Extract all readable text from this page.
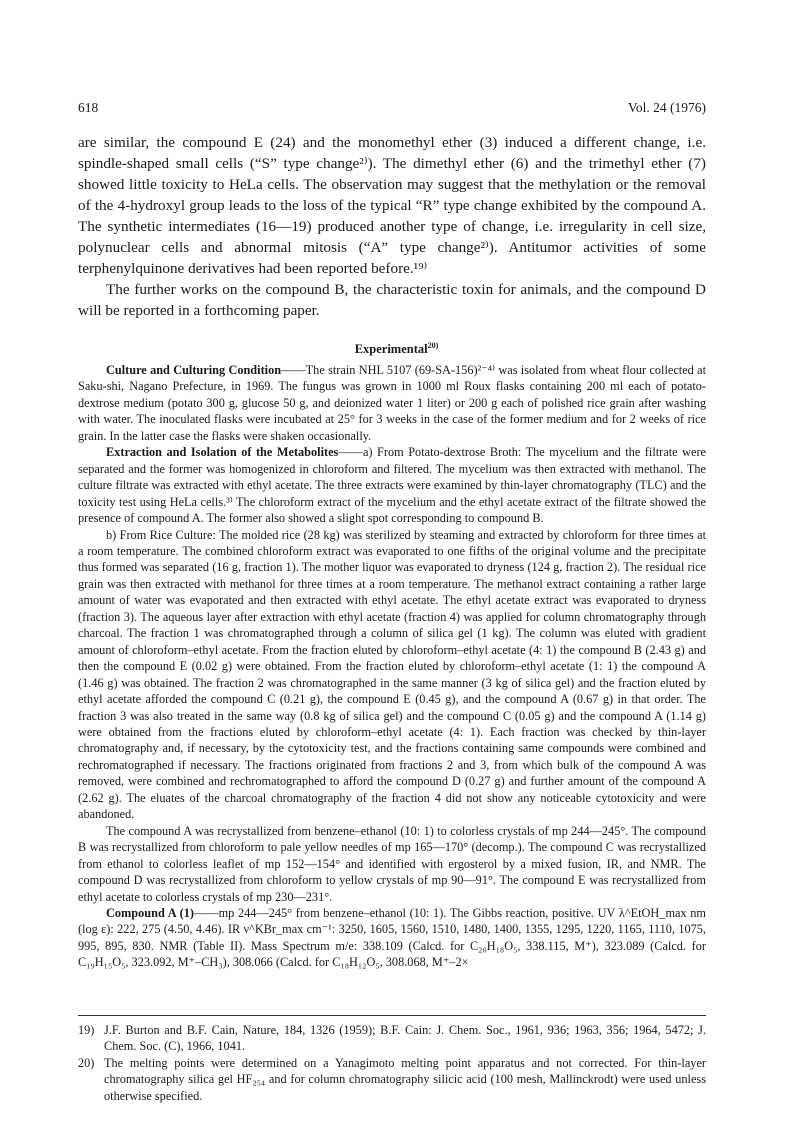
618	Vol. 24 (1976)

are similar, the compound E (24) and the monomethyl ether (3) induced a different change, i.e. spindle-shaped small cells (“S” type change²⁾). The dimethyl ether (6) and the trimethyl ether (7) showed little toxicity to HeLa cells. The observation may suggest that the methylation or the removal of the 4-hydroxyl group leads to the loss of the typical “R” type change exhibited by the compound A. The synthetic intermediates (16—19) produced another type of change, i.e. irregularity in cell size, polynuclear cells and abnormal mitosis (“A” type change²⁾). Antitumor activities of some terphenylquinone derivatives had been reported before.¹⁹⁾

The further works on the compound B, the characteristic toxin for animals, and the compound D will be reported in a forthcoming paper.

Experimental$^{20)}$

Culture and Culturing Condition——The strain NHL 5107 (69-SA-156)²⁻⁴⁾ was isolated from wheat flour collected at Saku-shi, Nagano Prefecture, in 1969. The fungus was grown in 1000 ml Roux flasks containing 200 ml each of potato-dextrose medium (potato 300 g, glucose 50 g, and deionized water 1 liter) or 200 g each of polished rice grain after washing with water. The inoculated flasks were incubated at 25° for 3 weeks in the case of the former medium and for 2 weeks of rice grain. In the latter case the flasks were shaken occasionally.

Extraction and Isolation of the Metabolites——a) From Potato-dextrose Broth: The mycelium and the filtrate were separated and the former was homogenized in chloroform and filtered. The mycelium was then extracted with methanol. The culture filtrate was extracted with ethyl acetate. The three extracts were examined by thin-layer chromatography (TLC) and the toxicity test using HeLa cells.³⁾ The chloroform extract of the mycelium and the ethyl acetate extract of the filtrate showed the presence of compound A. The former also showed a slight spot corresponding to compound B.

b) From Rice Culture: The molded rice (28 kg) was sterilized by steaming and extracted by chloroform for three times at a room temperature. The combined chloroform extract was evaporated to one fifths of the original volume and the precipitate thus formed was separated (16 g, fraction 1). The mother liquor was evaporated to dryness (124 g, fraction 2). The residual rice grain was then extracted with methanol for three times at a room temperature. The methanol extract containing a rather large amount of water was evaporated and then extracted with ethyl acetate. The ethyl acetate extract was evaporated to dryness (fraction 3). The aqueous layer after extraction with ethyl acetate (fraction 4) was applied for column chromatography through charcoal. The fraction 1 was chromatographed through a column of silica gel (1 kg). The column was eluted with gradient amount of chloroform–ethyl acetate. From the fraction eluted by chloroform–ethyl acetate (4: 1) the compound B (2.43 g) and then the compound E (0.02 g) were obtained. From the fraction eluted by chloroform–ethyl acetate (1: 1) the compound A (1.46 g) was obtained. The fraction 2 was chromatographed in the same manner (3 kg of silica gel) and the fraction eluted by ethyl acetate afforded the compound C (0.21 g), the compound E (0.45 g), and the compound A (0.67 g) in that order. The fraction 3 was also treated in the same way (0.8 kg of silica gel) and the compound C (0.05 g) and the compound A (1.14 g) were obtained from the fractions eluted by chloroform–ethyl acetate (4: 1). Each fraction was checked by thin-layer chromatography and, if necessary, by the cytotoxicity test, and the fractions containing same compounds were combined and rechromatographed if necessary. The fractions originated from fractions 2 and 3, from which bulk of the compound A was removed, were combined and rechromatographed to afford the compound D (0.27 g) and further amount of the compound A (2.62 g). The eluates of the charcoal chromatography of the fraction 4 did not show any noticeable cytotoxicity and were abandoned.

The compound A was recrystallized from benzene–ethanol (10: 1) to colorless crystals of mp 244—245°. The compound B was recrystallized from chloroform to pale yellow needles of mp 165—170° (decomp.). The compound C was recrystallized from ethanol to colorless leaflet of mp 152—154° and identified with ergosterol by a mixed fusion, IR, and NMR. The compound D was recrystallized from chloroform to yellow crystals of mp 90—91°. The compound E was recrystallized from ethyl acetate to colorless crystals of mp 230—231°.

Compound A (1)——mp 244—245° from benzene–ethanol (10: 1). The Gibbs reaction, positive. UV λ^EtOH_max nm (log ε): 222, 275 (4.50, 4.46). IR ν^KBr_max cm⁻¹: 3250, 1605, 1560, 1510, 1480, 1400, 1355, 1295, 1220, 1165, 1110, 1075, 995, 895, 830. NMR (Table II). Mass Spectrum m/e: 338.109 (Calcd. for C₂₀H₁₈O₅, 338.115, M⁺), 323.089 (Calcd. for C₁₉H₁₅O₅, 323.092, M⁺–CH₃), 308.066 (Calcd. for C₁₈H₁₂O₅, 308.068, M⁺–2×

19) J.F. Burton and B.F. Cain, Nature, 184, 1326 (1959); B.F. Cain: J. Chem. Soc., 1961, 936; 1963, 356; 1964, 5472; J. Chem. Soc. (C), 1966, 1041.
20) The melting points were determined on a Yanagimoto melting point apparatus and not corrected. For thin-layer chromatography silica gel HF₂₅₄ and for column chromatography silicic acid (100 mesh, Mallinckrodt) were used unless otherwise specified.
